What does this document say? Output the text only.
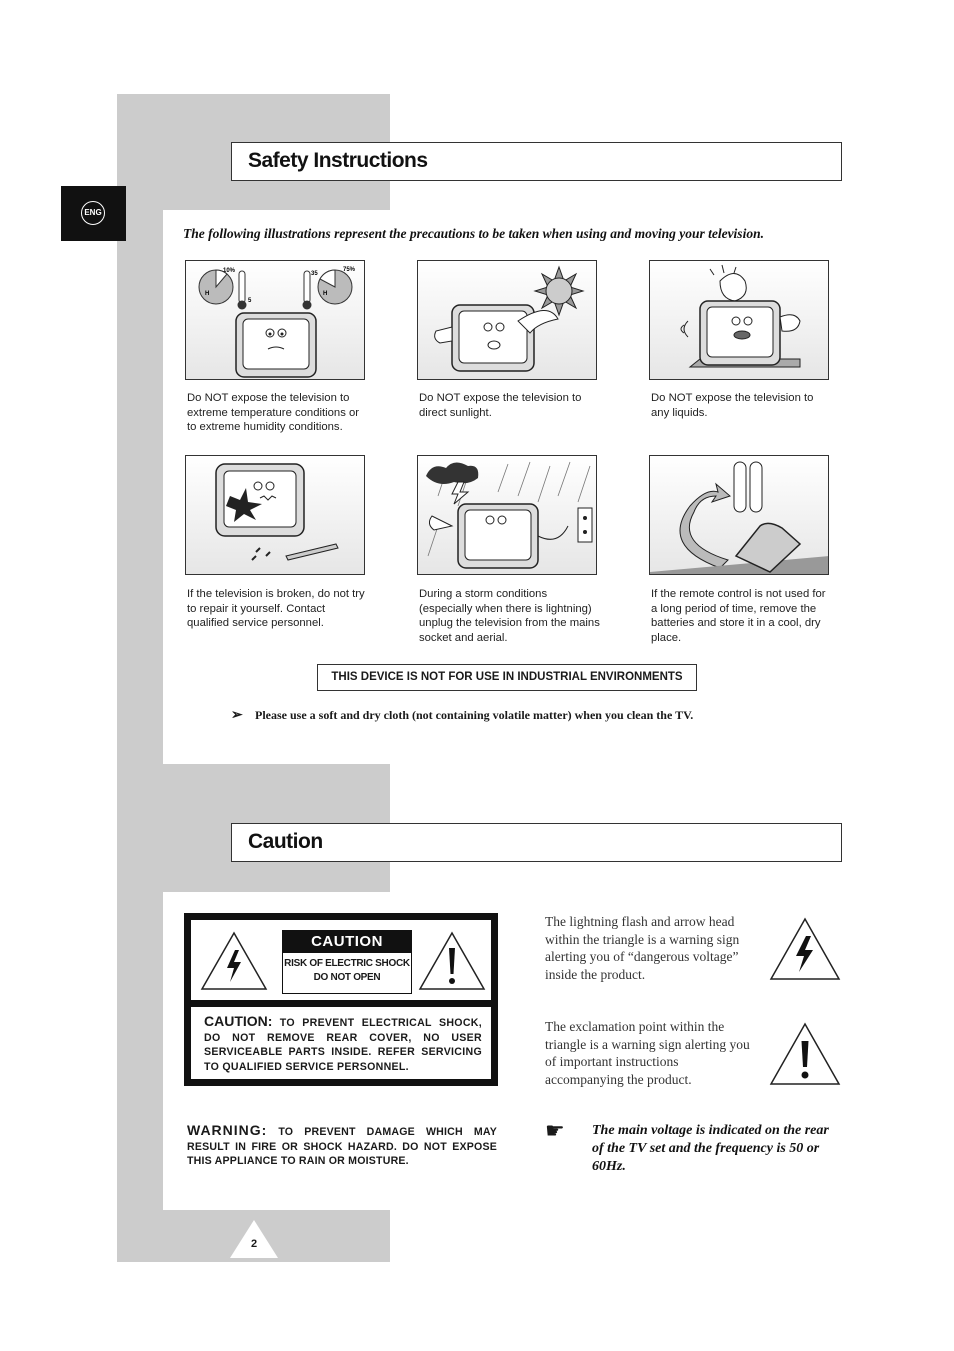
ENG
Safety Instructions
The following illustrations represent the precautions to be taken when using and moving your television.
10%	35
75%
5
H	H
Do NOT expose the television to extreme temperature conditions or to extreme humidity conditions.
Do NOT expose the television to direct sunlight.
Do NOT expose the television to any liquids.
If the television is broken, do not try to repair it yourself. Contact qualified service personnel.
During a storm conditions (especially when there is lightning) unplug the television from the mains socket and aerial.
If the remote control is not used for a long period of time, remove the batteries and store it in a cool, dry place.
THIS DEVICE IS NOT FOR USE IN INDUSTRIAL ENVIRONMENTS
➢ Please use a soft and dry cloth (not containing volatile matter) when you clean the TV.
Caution
CAUTION
RISK OF ELECTRIC SHOCK
DO NOT OPEN
CAUTION: TO PREVENT ELECTRICAL SHOCK, DO NOT REMOVE REAR COVER, NO USER SERVICEABLE PARTS INSIDE. REFER SERVICING TO QUALIFIED SERVICE PERSONNEL.
WARNING: TO PREVENT DAMAGE WHICH MAY RESULT IN FIRE OR SHOCK HAZARD. DO NOT EXPOSE THIS APPLIANCE TO RAIN OR MOISTURE.
The lightning flash and arrow head within the triangle is a warning sign alerting you of “dangerous voltage” inside the product.
The exclamation point within the triangle is a warning sign alerting you of important instructions accompanying the product.
☛ The main voltage is indicated on the rear of the TV set and the frequency is 50 or 60Hz.
2
